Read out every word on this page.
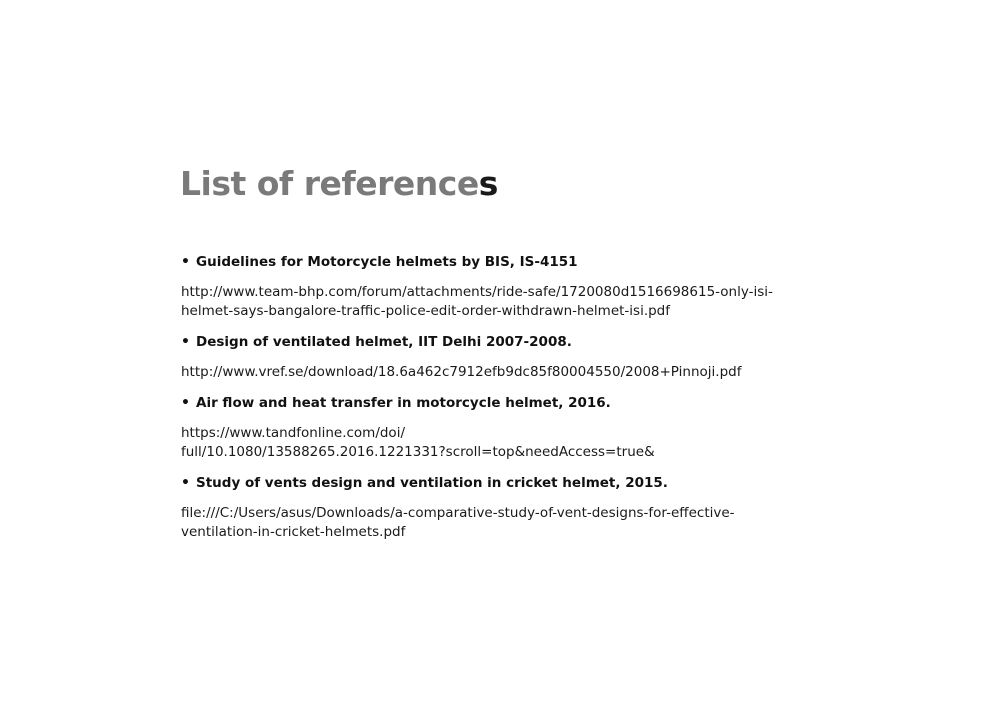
List of references
• Guidelines for Motorcycle helmets by BIS, IS-4151
http://www.team-bhp.com/forum/attachments/ride-safe/1720080d1516698615-only-isi-
helmet-says-bangalore-traffic-police-edit-order-withdrawn-helmet-isi.pdf
• Design of ventilated helmet, IIT Delhi 2007-2008.
http://www.vref.se/download/18.6a462c7912efb9dc85f80004550/2008+Pinnoji.pdf
• Air flow and heat transfer in motorcycle helmet, 2016.
https://www.tandfonline.com/doi/
full/10.1080/13588265.2016.1221331?scroll=top&needAccess=true&
• Study of vents design and ventilation in cricket helmet, 2015.
file:///C:/Users/asus/Downloads/a-comparative-study-of-vent-designs-for-effective-
ventilation-in-cricket-helmets.pdf
